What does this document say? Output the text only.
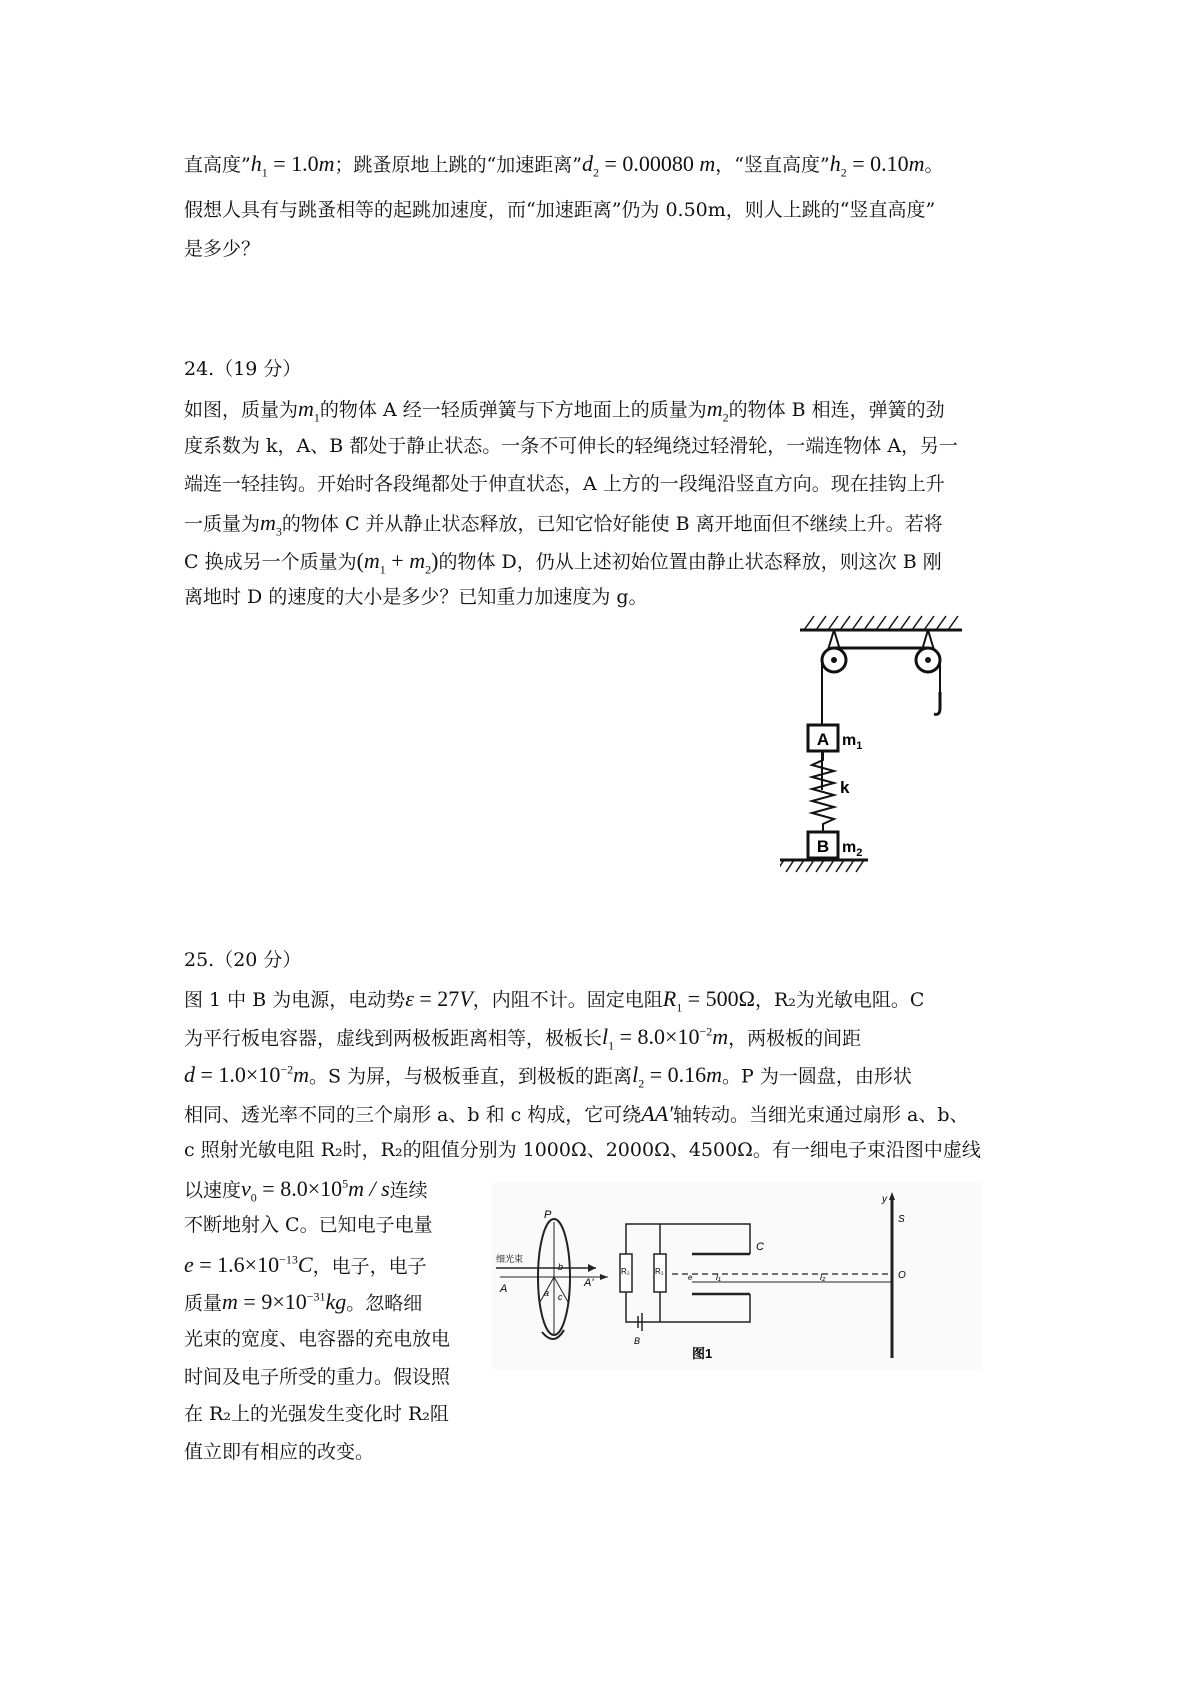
直高度$”h_1 = 1.0m$；跳蚤原地上跳的“加速距离$”d_2 = 0.00080$ m，“竖直高度$”h_2 = 0.10m$。
假想人具有与跳蚤相等的起跳加速度，而“加速距离”仍为 0.50m，则人上跳的“竖直高度”
是多少？
24.（19 分）
如图，质量为$m_1$的物体 A 经一轻质弹簧与下方地面上的质量为$m_2$的物体 B 相连，弹簧的劲
度系数为 k，A、B 都处于静止状态。一条不可伸长的轻绳绕过轻滑轮，一端连物体 A，另一
端连一轻挂钩。开始时各段绳都处于伸直状态，A 上方的一段绳沿竖直方向。现在挂钩上升
一质量为$m_3$的物体 C 并从静止状态释放，已知它恰好能使 B 离开地面但不继续上升。若将
C 换成另一个质量为$(m_1 + m_2)$的物体 D，仍从上述初始位置由静止状态释放，则这次 B 刚
离地时 D 的速度的大小是多少？已知重力加速度为 g。
A $m_1$
k
B $m_2$
25.（20 分）
图 1 中 B 为电源，电动势ε = 27V，内阻不计。固定电阻$R_1 = 500\Omega$，R₂为光敏电阻。C
为平行板电容器，虚线到两极板距离相等，极板长$l_1 = 8.0\times 10^{-2}m$，两极板的间距
$d = 1.0\times 10^{-2}m$。S 为屏，与极板垂直，到极板的距离$l_2 = 0.16m$。P 为一圆盘，由形状
相同、透光率不同的三个扇形 a、b 和 c 构成，它可绕AA′轴转动。当细光束通过扇形 a、b、
c 照射光敏电阻 R₂时，R₂的阻值分别为 1000Ω、2000Ω、4500Ω。有一细电子束沿图中虚线
以速度$v_0 = 8.0\times 10^5m / s$连续
不断地射入 C。已知电子电量
$e = 1.6\times 10^{-13}C$，电子，电子
质量$m = 9\times 10^{-31}kg$。忽略细
光束的宽度、电容器的充电放电
时间及电子所受的重力。假设照
在 R₂上的光强发生变化时 R₂阻
值立即有相应的改变。
P
b
a c
细光束
A	A'
R₂	R₁
B
C
e	l₁	l₂
y
S
O
图1
